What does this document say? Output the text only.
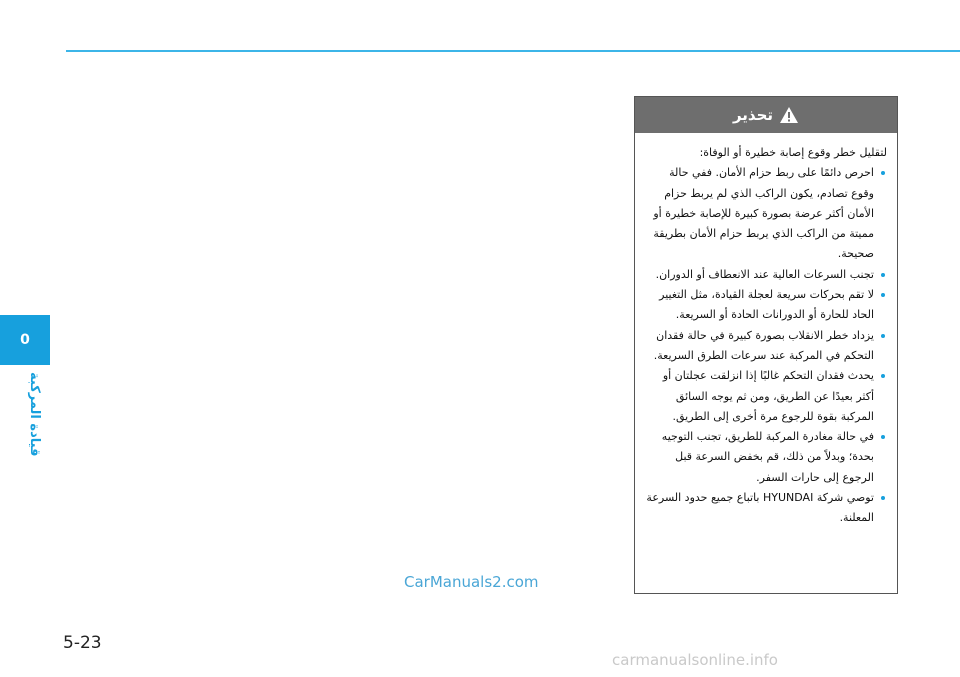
0
قيادة المركبة
تحذير

لتقليل خطر وقوع إصابة خطيرة أو الوفاة:

احرص دائمًا على ربط حزام الأمان. ففي حالة وقوع تصادم، يكون الراكب الذي لم يربط حزام الأمان أكثر عرضة بصورة كبيرة للإصابة خطيرة أو مميتة من الراكب الذي يربط حزام الأمان بطريقة صحيحة.
تجنب السرعات العالية عند الانعطاف أو الدوران.
لا تقم بحركات سريعة لعجلة القيادة، مثل التغيير الحاد للحارة أو الدورانات الحادة أو السريعة.
يزداد خطر الانقلاب بصورة كبيرة في حالة فقدان التحكم في المركبة عند سرعات الطرق السريعة.
يحدث فقدان التحكم غالبًا إذا انزلقت عجلتان أو أكثر بعيدًا عن الطريق، ومن ثم يوجه السائق المركبة بقوة للرجوع مرة أخرى إلى الطريق.
في حالة مغادرة المركبة للطريق، تجنب التوجيه بحدة؛ وبدلاً من ذلك، قم بخفض السرعة قبل الرجوع إلى حارات السفر.
توصي شركة HYUNDAI باتباع جميع حدود السرعة المعلنة.
CarManuals2.com
5-23
carmanualsonline.info
